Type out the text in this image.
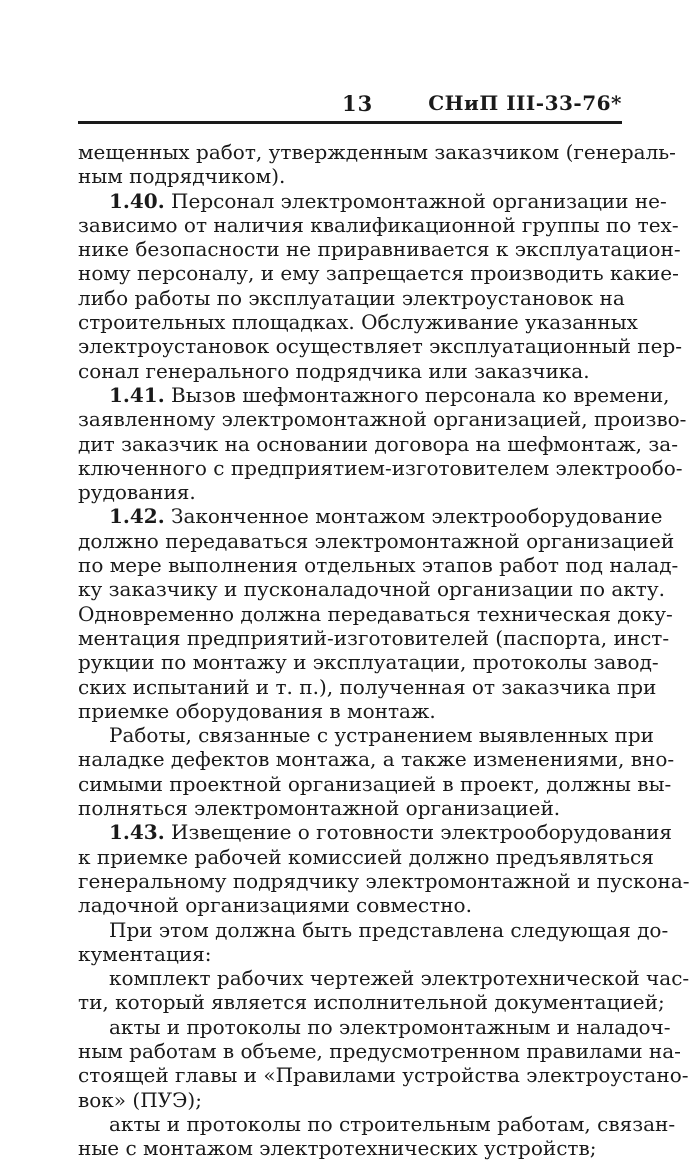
13	СНиП III-33-76*
мещенных работ, утвержденным заказчиком (генераль-
ным подрядчиком).
1.40. Персонал электромонтажной организации не-
зависимо от наличия квалификационной группы по тех-
нике безопасности не приравнивается к эксплуатацион-
ному персоналу, и ему запрещается производить какие-
либо работы по эксплуатации электроустановок на
строительных площадках. Обслуживание указанных
электроустановок осуществляет эксплуатационный пер-
сонал генерального подрядчика или заказчика.
1.41. Вызов шефмонтажного персонала ко времени,
заявленному электромонтажной организацией, произво-
дит заказчик на основании договора на шефмонтаж, за-
ключенного с предприятием-изготовителем электрообо-
рудования.
1.42. Законченное монтажом электрооборудование
должно передаваться электромонтажной организацией
по мере выполнения отдельных этапов работ под налад-
ку заказчику и пусконаладочной организации по акту.
Одновременно должна передаваться техническая доку-
ментация предприятий-изготовителей (паспорта, инст-
рукции по монтажу и эксплуатации, протоколы завод-
ских испытаний и т. п.), полученная от заказчика при
приемке оборудования в монтаж.
Работы, связанные с устранением выявленных при
наладке дефектов монтажа, а также изменениями, вно-
симыми проектной организацией в проект, должны вы-
полняться электромонтажной организацией.
1.43. Извещение о готовности электрооборудования
к приемке рабочей комиссией должно предъявляться
генеральному подрядчику электромонтажной и пускона-
ладочной организациями совместно.
При этом должна быть представлена следующая до-
кументация:
комплект рабочих чертежей электротехнической час-
ти, который является исполнительной документацией;
акты и протоколы по электромонтажным и наладоч-
ным работам в объеме, предусмотренном правилами на-
стоящей главы и «Правилами устройства электроустано-
вок» (ПУЭ);
акты и протоколы по строительным работам, связан-
ные с монтажом электротехнических устройств;
